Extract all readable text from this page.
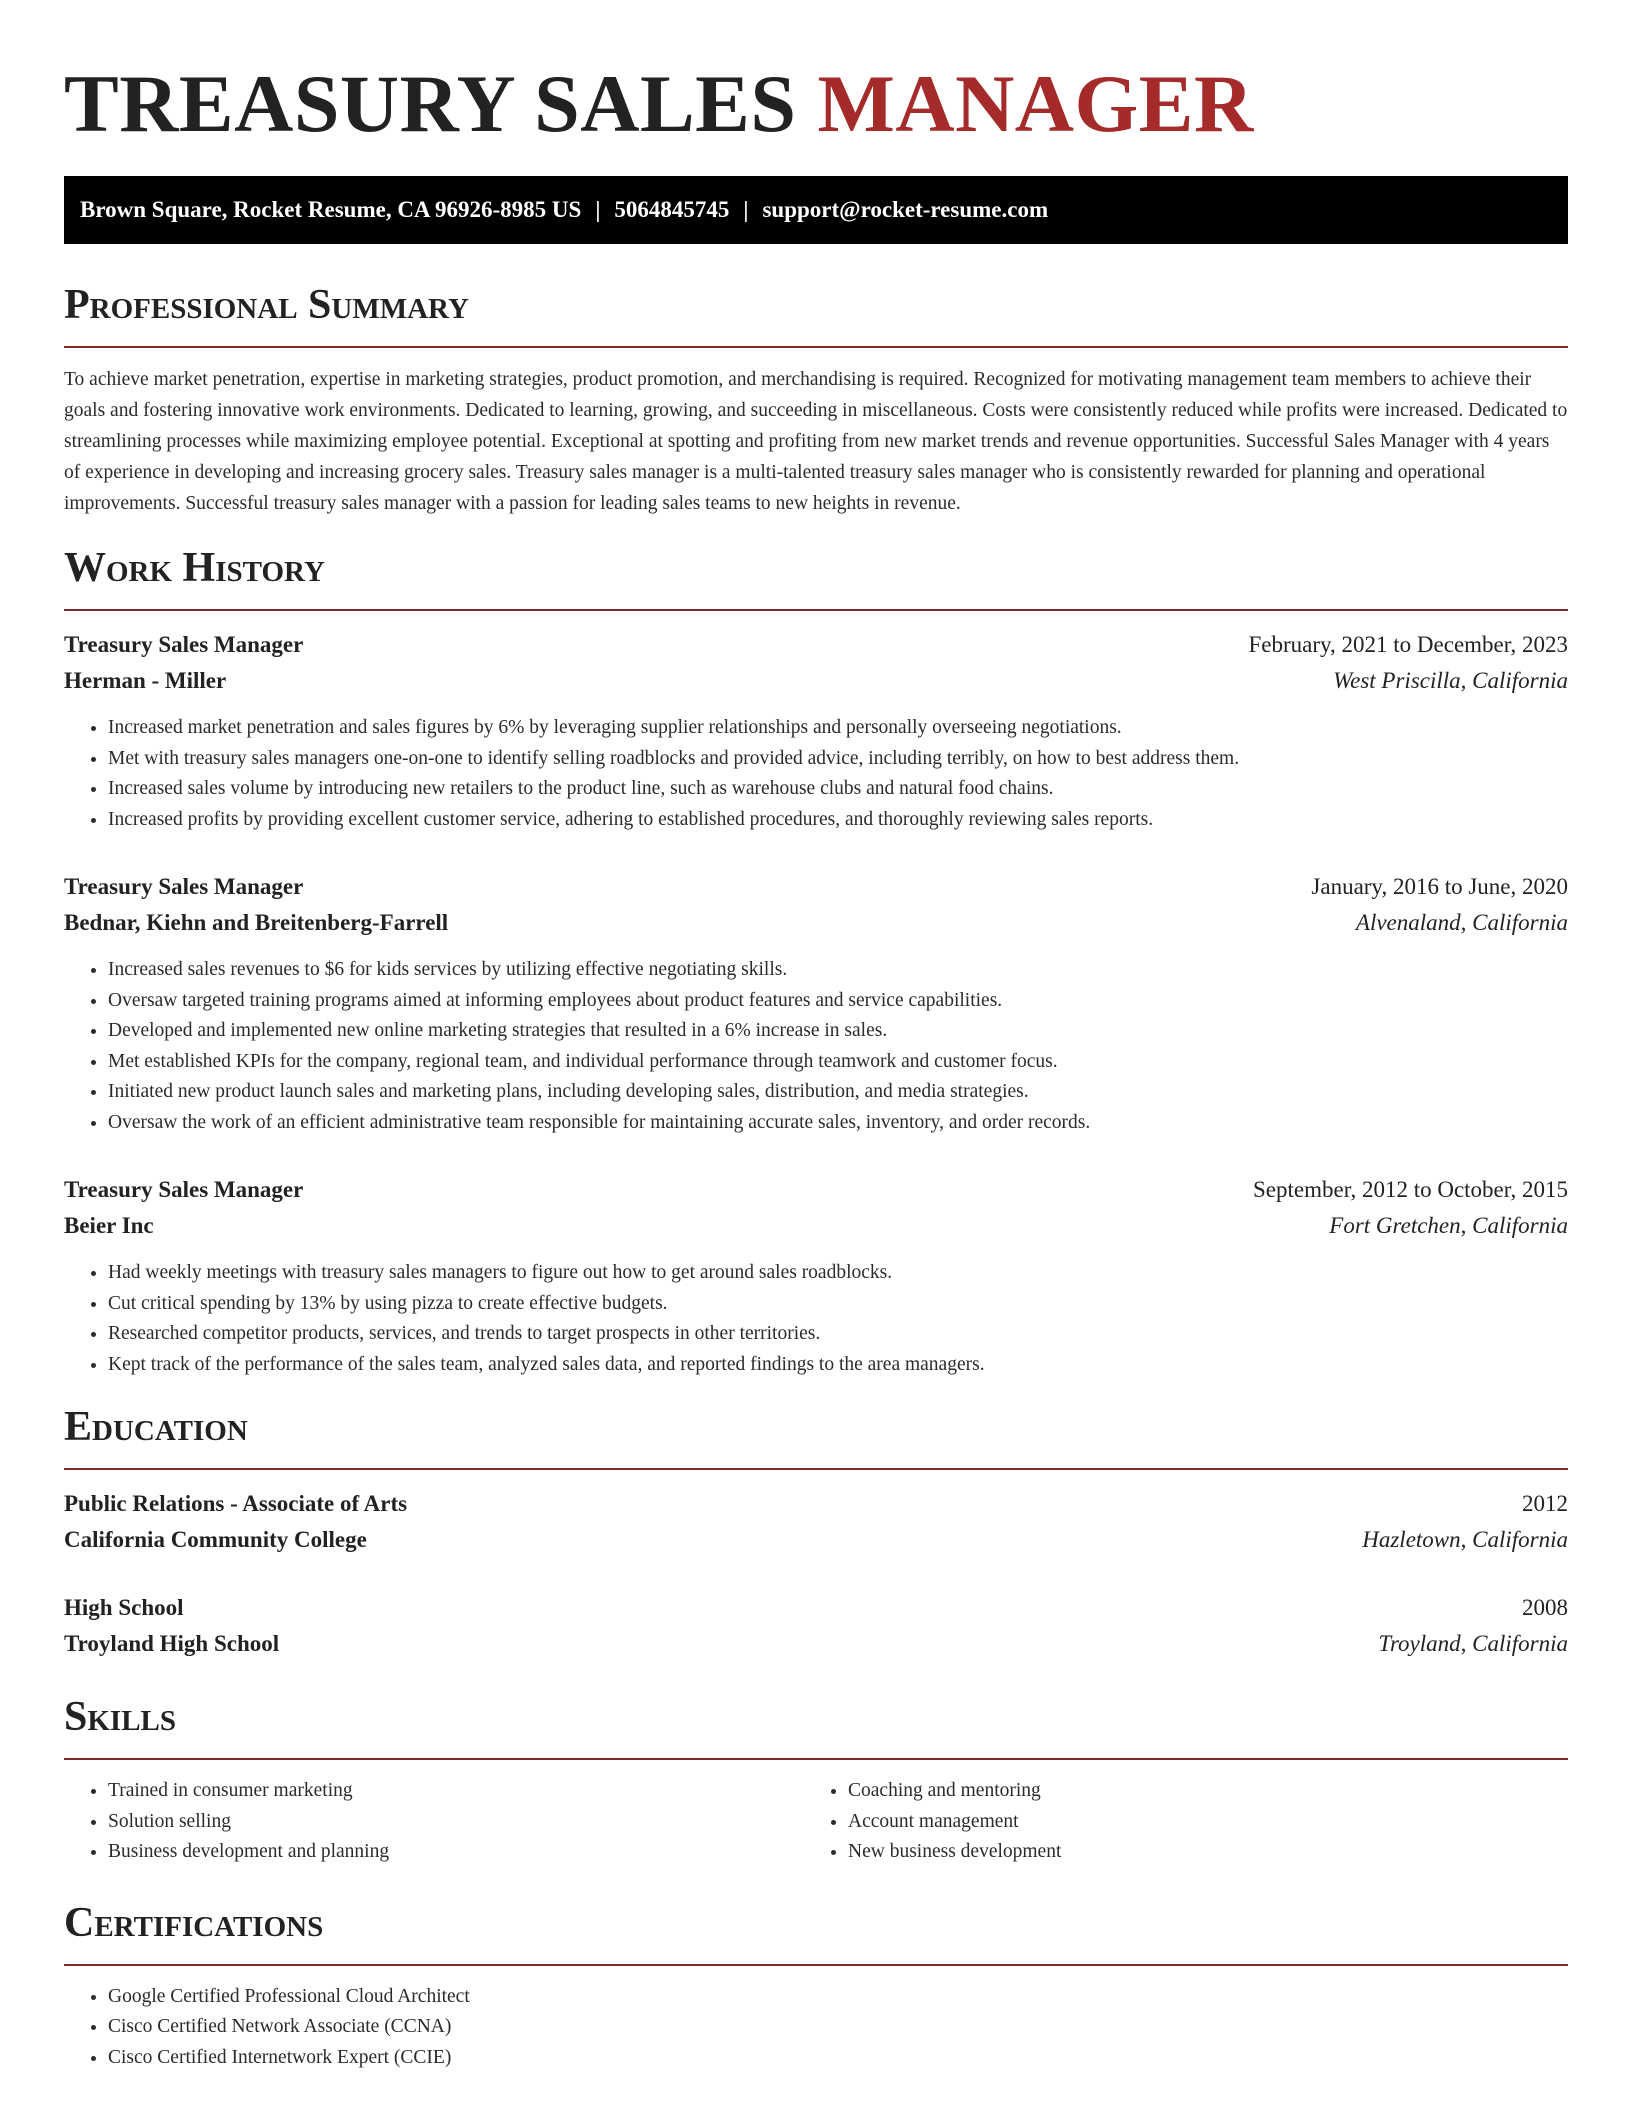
TREASURY SALES MANAGER
Brown Square, Rocket Resume, CA 96926-8985 US | 5064845745 | support@rocket-resume.com
Professional Summary

To achieve market penetration, expertise in marketing strategies, product promotion, and merchandising is required. Recognized for motivating management team members to achieve their goals and fostering innovative work environments. Dedicated to learning, growing, and succeeding in miscellaneous. Costs were consistently reduced while profits were increased. Dedicated to streamlining processes while maximizing employee potential. Exceptional at spotting and profiting from new market trends and revenue opportunities. Successful Sales Manager with 4 years of experience in developing and increasing grocery sales. Treasury sales manager is a multi-talented treasury sales manager who is consistently rewarded for planning and operational improvements. Successful treasury sales manager with a passion for leading sales teams to new heights in revenue.

Work History
Treasury Sales Manager	February, 2021 to December, 2023
Herman - Miller	West Priscilla, California
• Increased market penetration and sales figures by 6% by leveraging supplier relationships and personally overseeing negotiations.
• Met with treasury sales managers one-on-one to identify selling roadblocks and provided advice, including terribly, on how to best address them.
• Increased sales volume by introducing new retailers to the product line, such as warehouse clubs and natural food chains.
• Increased profits by providing excellent customer service, adhering to established procedures, and thoroughly reviewing sales reports.
Treasury Sales Manager	January, 2016 to June, 2020
Bednar, Kiehn and Breitenberg-Farrell	Alvenaland, California
• Increased sales revenues to $6 for kids services by utilizing effective negotiating skills.
• Oversaw targeted training programs aimed at informing employees about product features and service capabilities.
• Developed and implemented new online marketing strategies that resulted in a 6% increase in sales.
• Met established KPIs for the company, regional team, and individual performance through teamwork and customer focus.
• Initiated new product launch sales and marketing plans, including developing sales, distribution, and media strategies.
• Oversaw the work of an efficient administrative team responsible for maintaining accurate sales, inventory, and order records.
Treasury Sales Manager	September, 2012 to October, 2015
Beier Inc	Fort Gretchen, California
• Had weekly meetings with treasury sales managers to figure out how to get around sales roadblocks.
• Cut critical spending by 13% by using pizza to create effective budgets.
• Researched competitor products, services, and trends to target prospects in other territories.
• Kept track of the performance of the sales team, analyzed sales data, and reported findings to the area managers.
Education
Public Relations - Associate of Arts	2012
California Community College	Hazletown, California
High School	2008
Troyland High School	Troyland, California
Skills
• Trained in consumer marketing
• Solution selling
• Business development and planning
• Coaching and mentoring
• Account management
• New business development
Certifications
• Google Certified Professional Cloud Architect
• Cisco Certified Network Associate (CCNA)
• Cisco Certified Internetwork Expert (CCIE)
